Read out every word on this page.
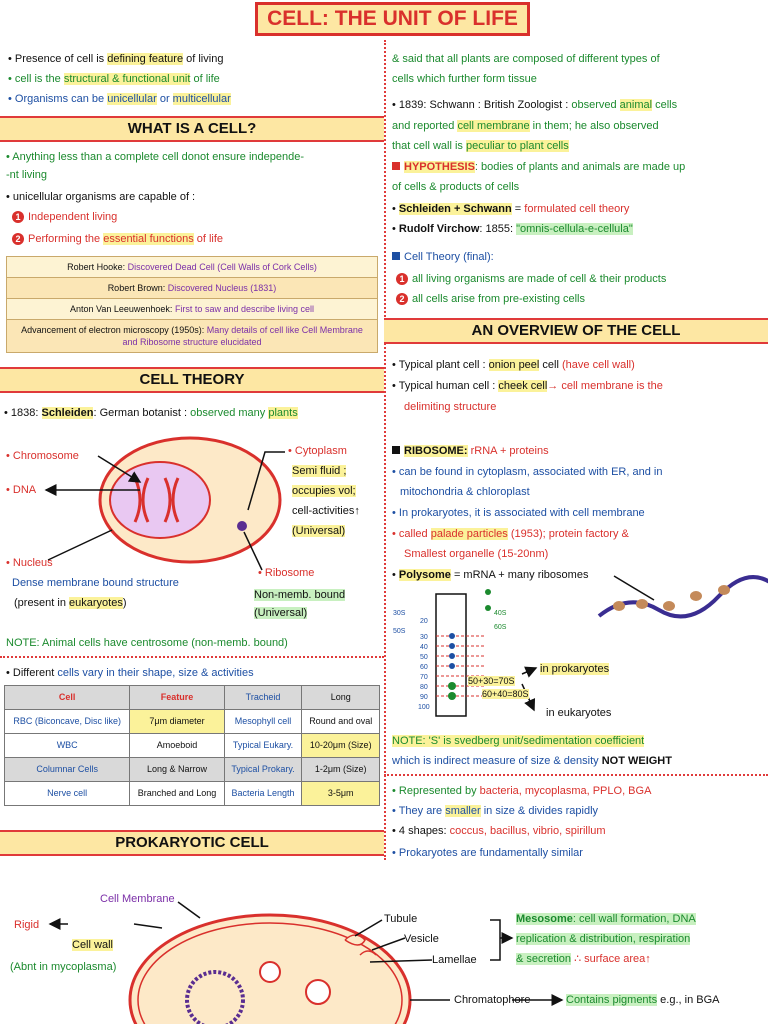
CELL: THE UNIT OF LIFE
• Presence of cell is defining feature of living
• cell is the structural & functional unit of life
• Organisms can be unicellular or multicellular
WHAT IS A CELL?
• Anything less than a complete cell donot ensure independe-
-nt living
• unicellular organisms are capable of :
1 Independent living
2 Performing the essential functions of life
Robert Hooke: Discovered Dead Cell (Cell Walls of Cork Cells)
Robert Brown: Discovered Nucleus (1831)
Anton Van Leeuwenhoek: First to saw and describe living cell
Advancement of electron microscopy (1950s): Many details of cell like Cell Membrane and Ribosome structure elucidated
CELL THEORY
• 1838: Schleiden: German botanist : observed many plants
• Chromosome
• DNA
• Cytoplasm
Semi fluid ;
occupies vol;
cell-activities↑
(Universal)
• Nucleus
Dense membrane bound structure
(present in eukaryotes)
• Ribosome
Non-memb. bound
(Universal)
NOTE: Animal cells have centrosome (non-memb. bound)
• Different cells vary in their shape, size & activities
Cell	Feature	Tracheid	Long
RBC (Biconcave, Disc like)	7μm diameter	Mesophyll cell	Round and oval
WBC	Amoeboid	Typical Eukary.	10-20μm (Size)
Columnar Cells	Long & Narrow	Typical Prokary.	1-2μm (Size)
Nerve cell	Branched and Long	Bacteria Length	3-5μm
PROKARYOTIC CELL
Cell Membrane
Rigid
Cell wall
(Abnt in mycoplasma)
Tubule
Vesicle
Lamellae
Mesosome: cell wall formation, DNA
replication & distribution, respiration
& secretion ∴ surface area↑
Chromatophore	Contains pigments e.g., in BGA
& said that all plants are composed of different types of
cells which further form tissue
• 1839: Schwann : British Zoologist : observed animal cells
and reported cell membrane in them; he also observed
that cell wall is peculiar to plant cells
HYPOTHESIS: bodies of plants and animals are made up
of cells & products of cells
• Schleiden + Schwann = formulated cell theory
• Rudolf Virchow: 1855: "omnis-cellula-e-cellula"
Cell Theory (final):
1 all living organisms are made of cell & their products
2 all cells arise from pre-existing cells
AN OVERVIEW OF THE CELL
• Typical plant cell : onion peel cell (have cell wall)
• Typical human cell : cheek cell→ cell membrane is the
delimiting structure
RIBOSOME: rRNA + proteins
• can be found in cytoplasm, associated with ER, and in
mitochondria & chloroplast
• In prokaryotes, it is associated with cell membrane
• called palade particles (1953); protein factory &
Smallest organelle (15-20nm)
• Polysome = mRNA + many ribosomes
30S
50S
40S
60S
20
30
40
50
60
70
80
90
100
50+30=70S
60+40=80S
in prokaryotes
in eukaryotes
NOTE: 'S' is svedberg unit/sedimentation coefficient
which is indirect measure of size & density NOT WEIGHT
• Represented by bacteria, mycoplasma, PPLO, BGA
• They are smaller in size & divides rapidly
• 4 shapes: coccus, bacillus, vibrio, spirillum
• Prokaryotes are fundamentally similar
